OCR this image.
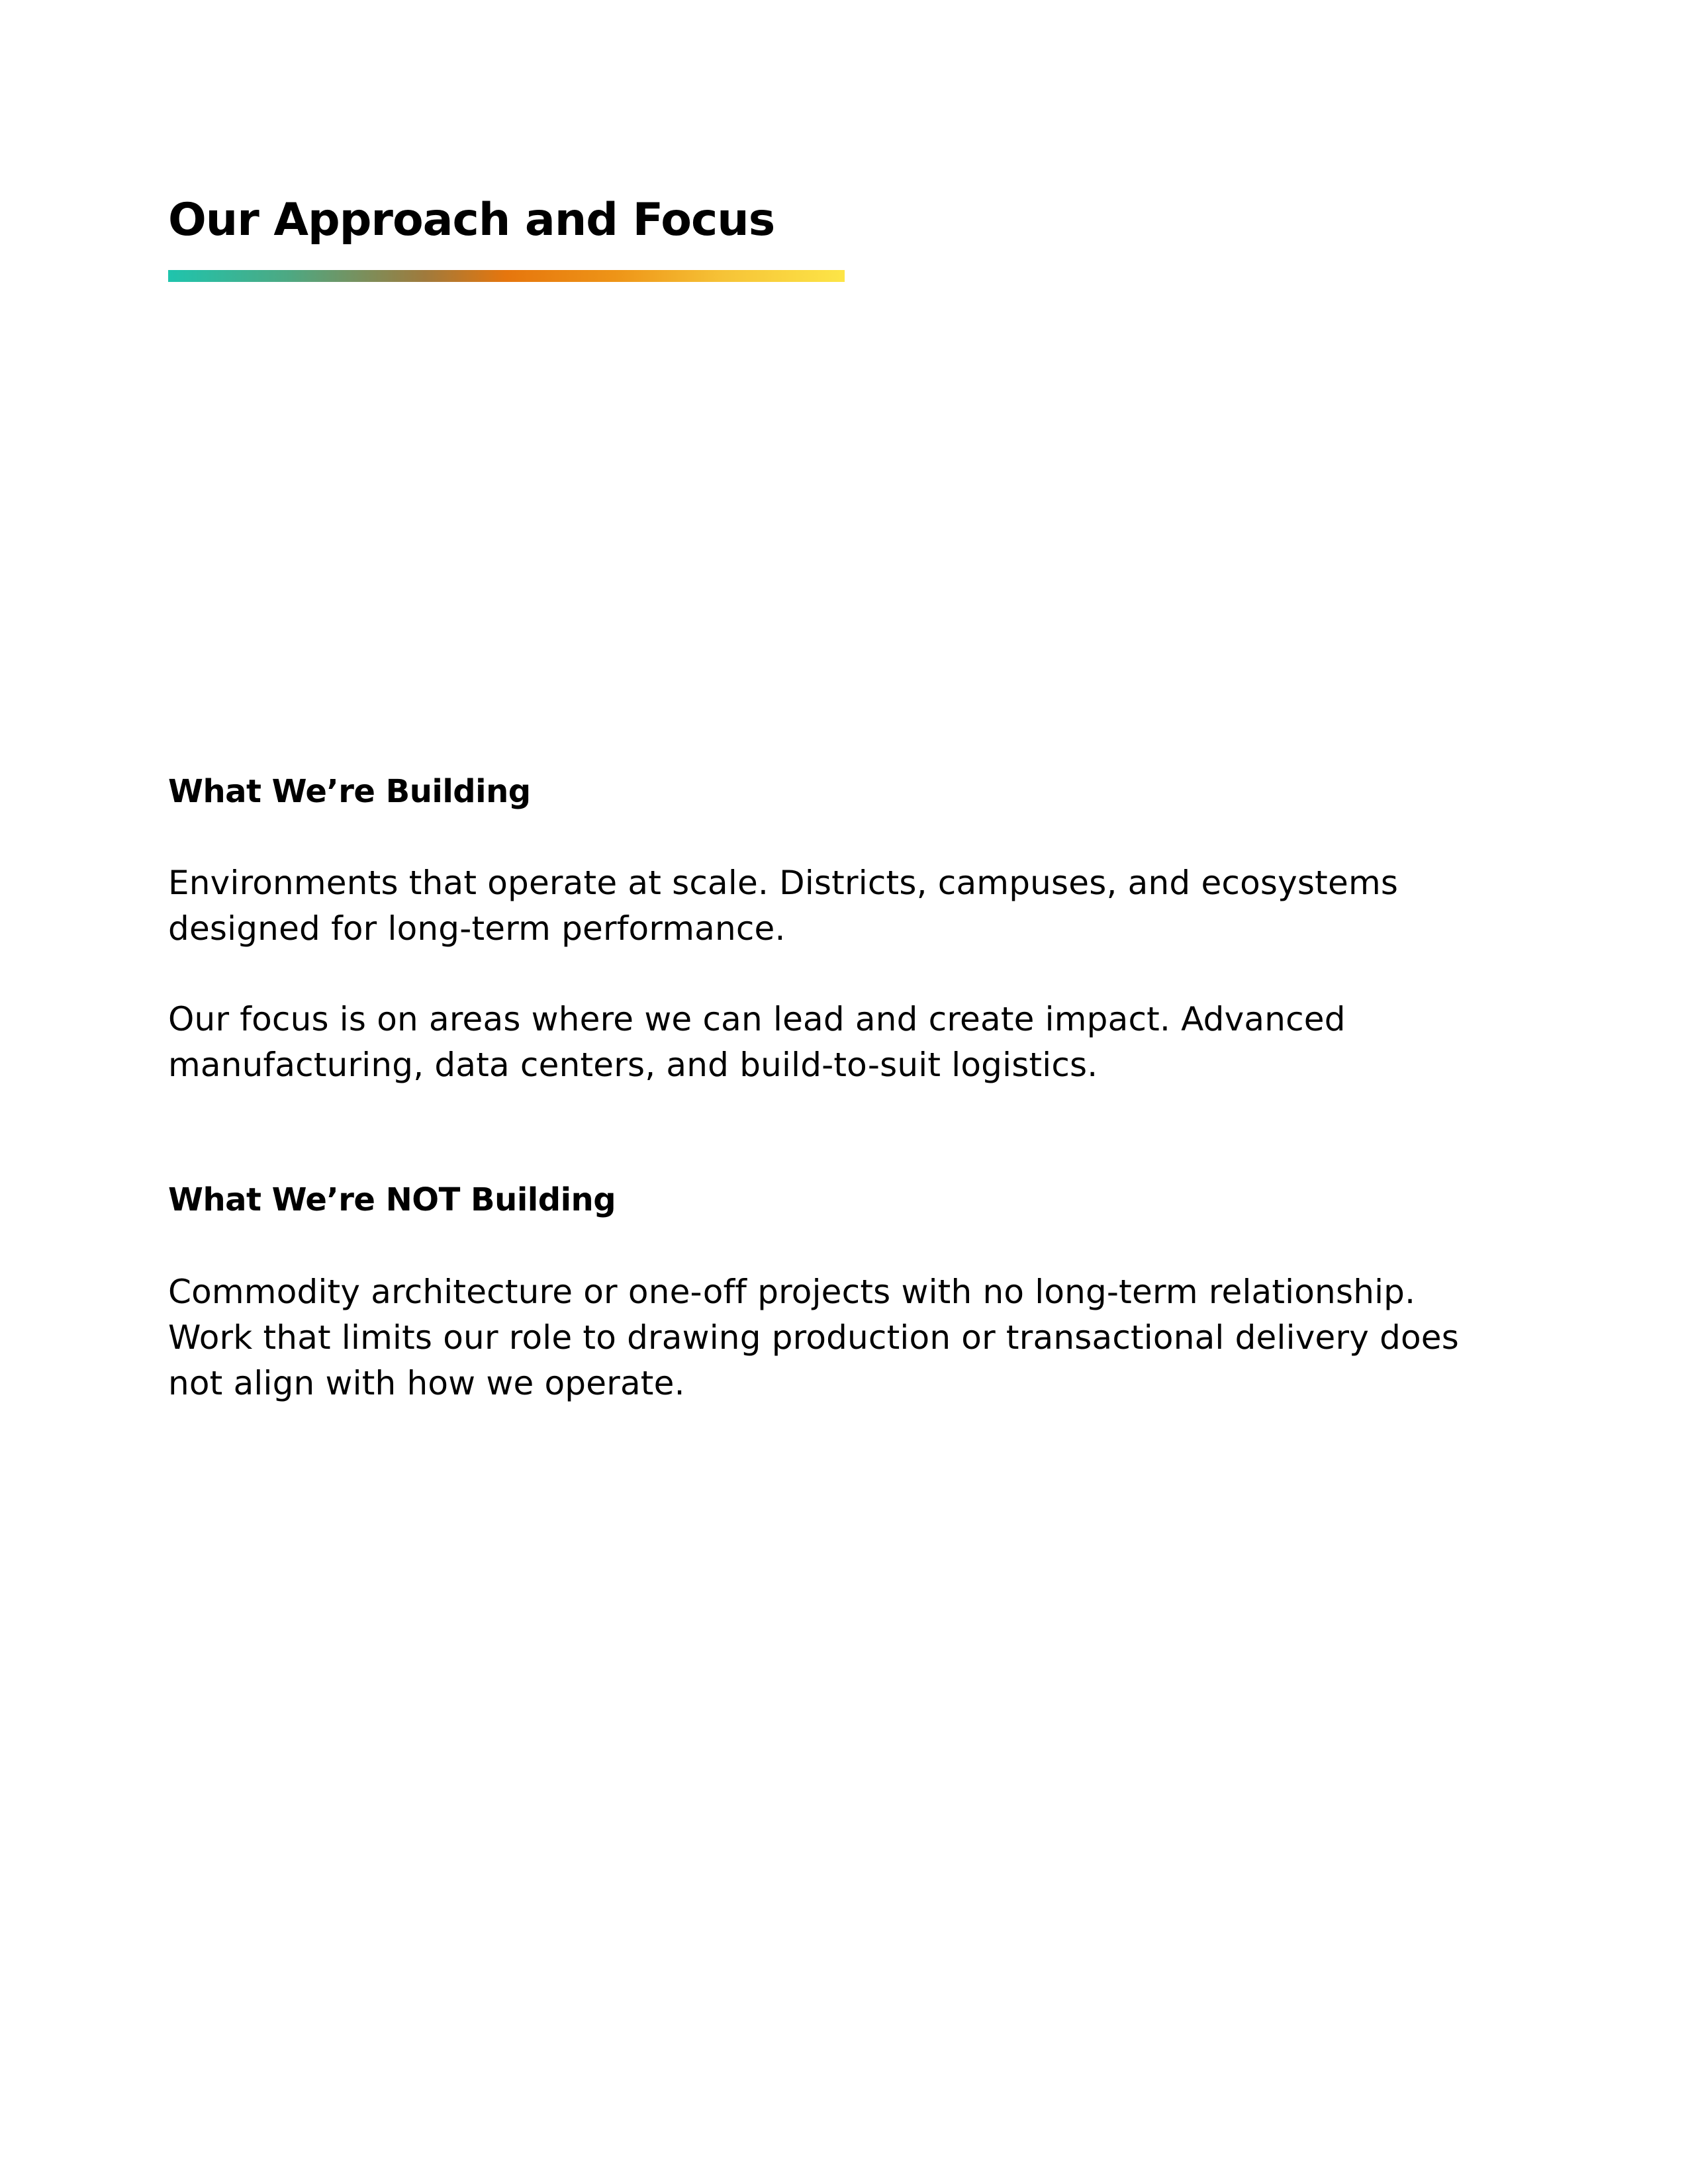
Our Approach and Focus
What We’re Building

Environments that operate at scale. Districts, campuses, and ecosystems
designed for long-term performance.

Our focus is on areas where we can lead and create impact. Advanced
manufacturing, data centers, and build-to-suit logistics.

What We’re NOT Building

Commodity architecture or one-off projects with no long-term relationship.
Work that limits our role to drawing production or transactional delivery does
not align with how we operate.
